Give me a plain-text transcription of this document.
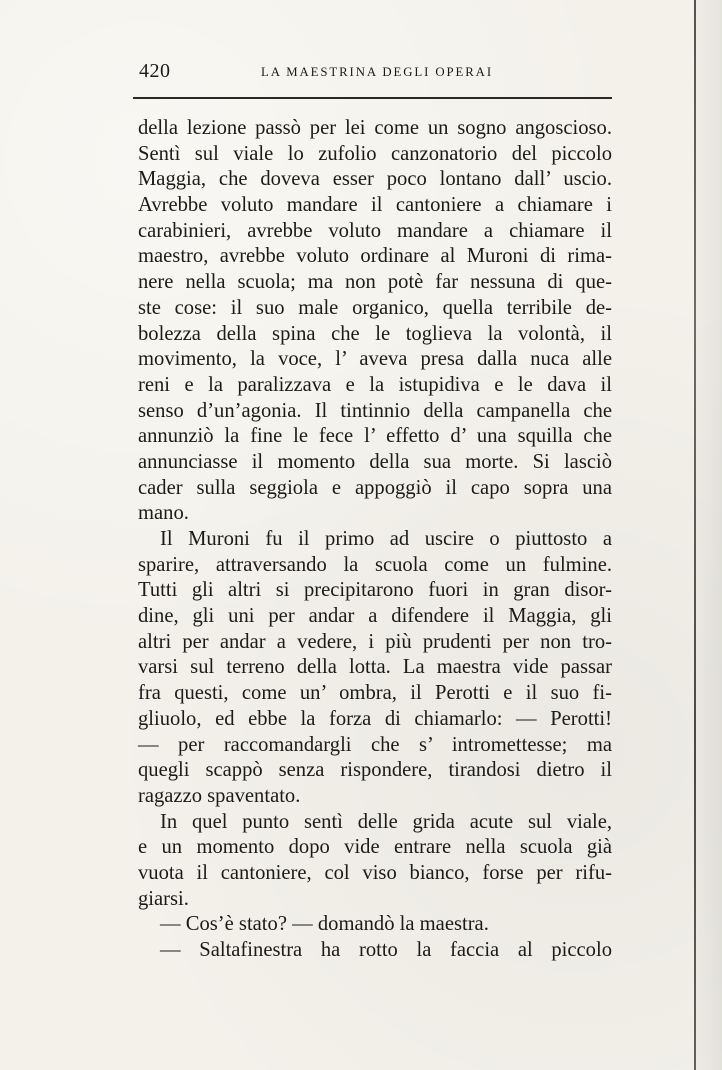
420	LA MAESTRINA DEGLI OPERAI
della lezione passò per lei come un sogno angoscioso.
Sentì sul viale lo zufolio canzonatorio del piccolo
Maggia, che doveva esser poco lontano dall’ uscio.
Avrebbe voluto mandare il cantoniere a chiamare i
carabinieri, avrebbe voluto mandare a chiamare il
maestro, avrebbe voluto ordinare al Muroni di rima-
nere nella scuola; ma non potè far nessuna di que-
ste cose: il suo male organico, quella terribile de-
bolezza della spina che le toglieva la volontà, il
movimento, la voce, l’ aveva presa dalla nuca alle
reni e la paralizzava e la istupidiva e le dava il
senso d’un’agonia. Il tintinnio della campanella che
annunziò la fine le fece l’ effetto d’ una squilla che
annunciasse il momento della sua morte. Si lasciò
cader sulla seggiola e appoggiò il capo sopra una
mano.
Il Muroni fu il primo ad uscire o piuttosto a
sparire, attraversando la scuola come un fulmine.
Tutti gli altri si precipitarono fuori in gran disor-
dine, gli uni per andar a difendere il Maggia, gli
altri per andar a vedere, i più prudenti per non tro-
varsi sul terreno della lotta. La maestra vide passar
fra questi, come un’ ombra, il Perotti e il suo fi-
gliuolo, ed ebbe la forza di chiamarlo: — Perotti!
— per raccomandargli che s’ intromettesse; ma
quegli scappò senza rispondere, tirandosi dietro il
ragazzo spaventato.
In quel punto sentì delle grida acute sul viale,
e un momento dopo vide entrare nella scuola già
vuota il cantoniere, col viso bianco, forse per rifu-
giarsi.
— Cos’è stato? — domandò la maestra.
— Saltafinestra ha rotto la faccia al piccolo
